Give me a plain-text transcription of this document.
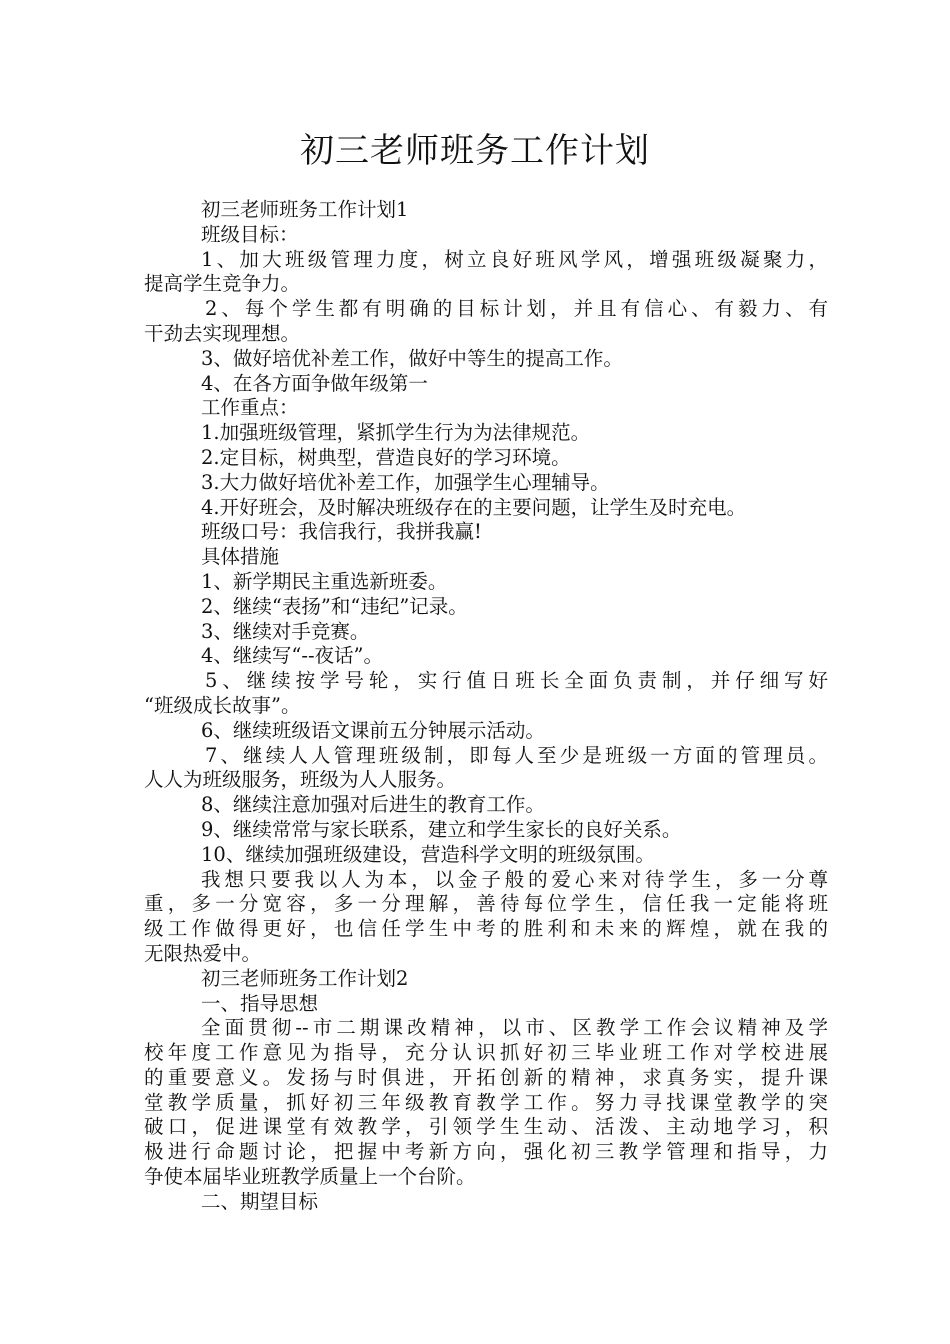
初三老师班务工作计划

初三老师班务工作计划1

班级目标：

1、加大班级管理力度，树立良好班风学风，增强班级凝聚力，

提高学生竞争力。

2、每个学生都有明确的目标计划，并且有信心、有毅力、有

干劲去实现理想。

3、做好培优补差工作，做好中等生的提高工作。

4、在各方面争做年级第一

工作重点：

1.加强班级管理，紧抓学生行为为法律规范。

2.定目标，树典型，营造良好的学习环境。

3.大力做好培优补差工作，加强学生心理辅导。

4.开好班会，及时解决班级存在的主要问题，让学生及时充电。

班级口号：我信我行，我拼我赢!

具体措施

1、新学期民主重选新班委。

2、继续“表扬”和“违纪”记录。

3、继续对手竞赛。

4、继续写“--夜话”。

5、继续按学号轮，实行值日班长全面负责制，并仔细写好

“班级成长故事”。

6、继续班级语文课前五分钟展示活动。

7、继续人人管理班级制，即每人至少是班级一方面的管理员。

人人为班级服务，班级为人人服务。

8、继续注意加强对后进生的教育工作。

9、继续常常与家长联系，建立和学生家长的良好关系。

10、继续加强班级建设，营造科学文明的班级氛围。

我想只要我以人为本，以金子般的爱心来对待学生，多一分尊

重，多一分宽容，多一分理解，善待每位学生，信任我一定能将班

级工作做得更好，也信任学生中考的胜利和未来的辉煌，就在我的

无限热爱中。

初三老师班务工作计划2

一、指导思想

全面贯彻--市二期课改精神，以市、区教学工作会议精神及学

校年度工作意见为指导，充分认识抓好初三毕业班工作对学校进展

的重要意义。发扬与时俱进，开拓创新的精神，求真务实，提升课

堂教学质量，抓好初三年级教育教学工作。努力寻找课堂教学的突

破口，促进课堂有效教学，引领学生生动、活泼、主动地学习，积

极进行命题讨论，把握中考新方向，强化初三教学管理和指导，力

争使本届毕业班教学质量上一个台阶。

二、期望目标
